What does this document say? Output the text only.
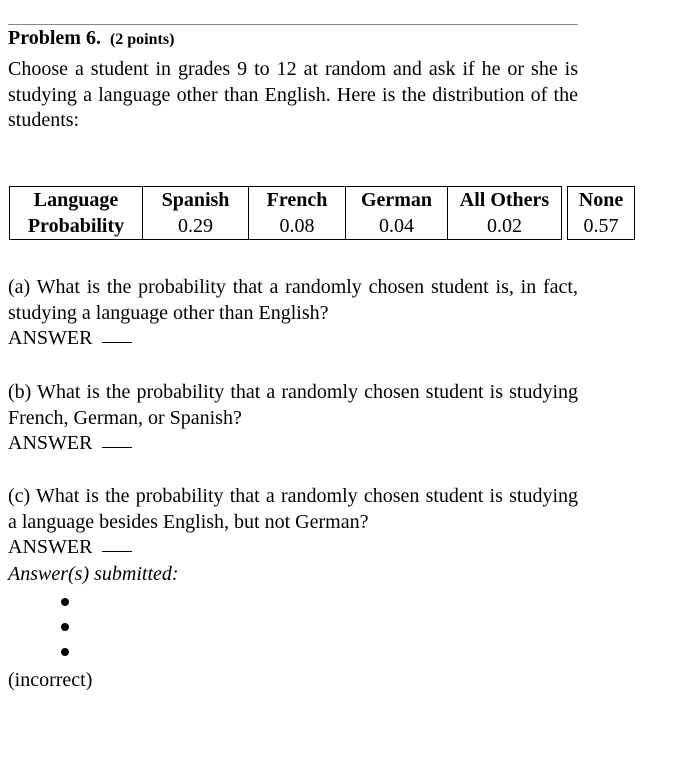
Problem 6. (2 points)
Choose a student in grades 9 to 12 at random and ask if he or she is studying a language other than English. Here is the distribution of the students:
Language	Spanish	French	German	All Others		None
Probability	0.29	0.08	0.04	0.02		0.57
(a) What is the probability that a randomly chosen student is, in fact, studying a language other than English?
ANSWER
(b) What is the probability that a randomly chosen student is studying French, German, or Spanish?
ANSWER
(c) What is the probability that a randomly chosen student is studying a language besides English, but not German?
ANSWER
Answer(s) submitted:
(incorrect)
